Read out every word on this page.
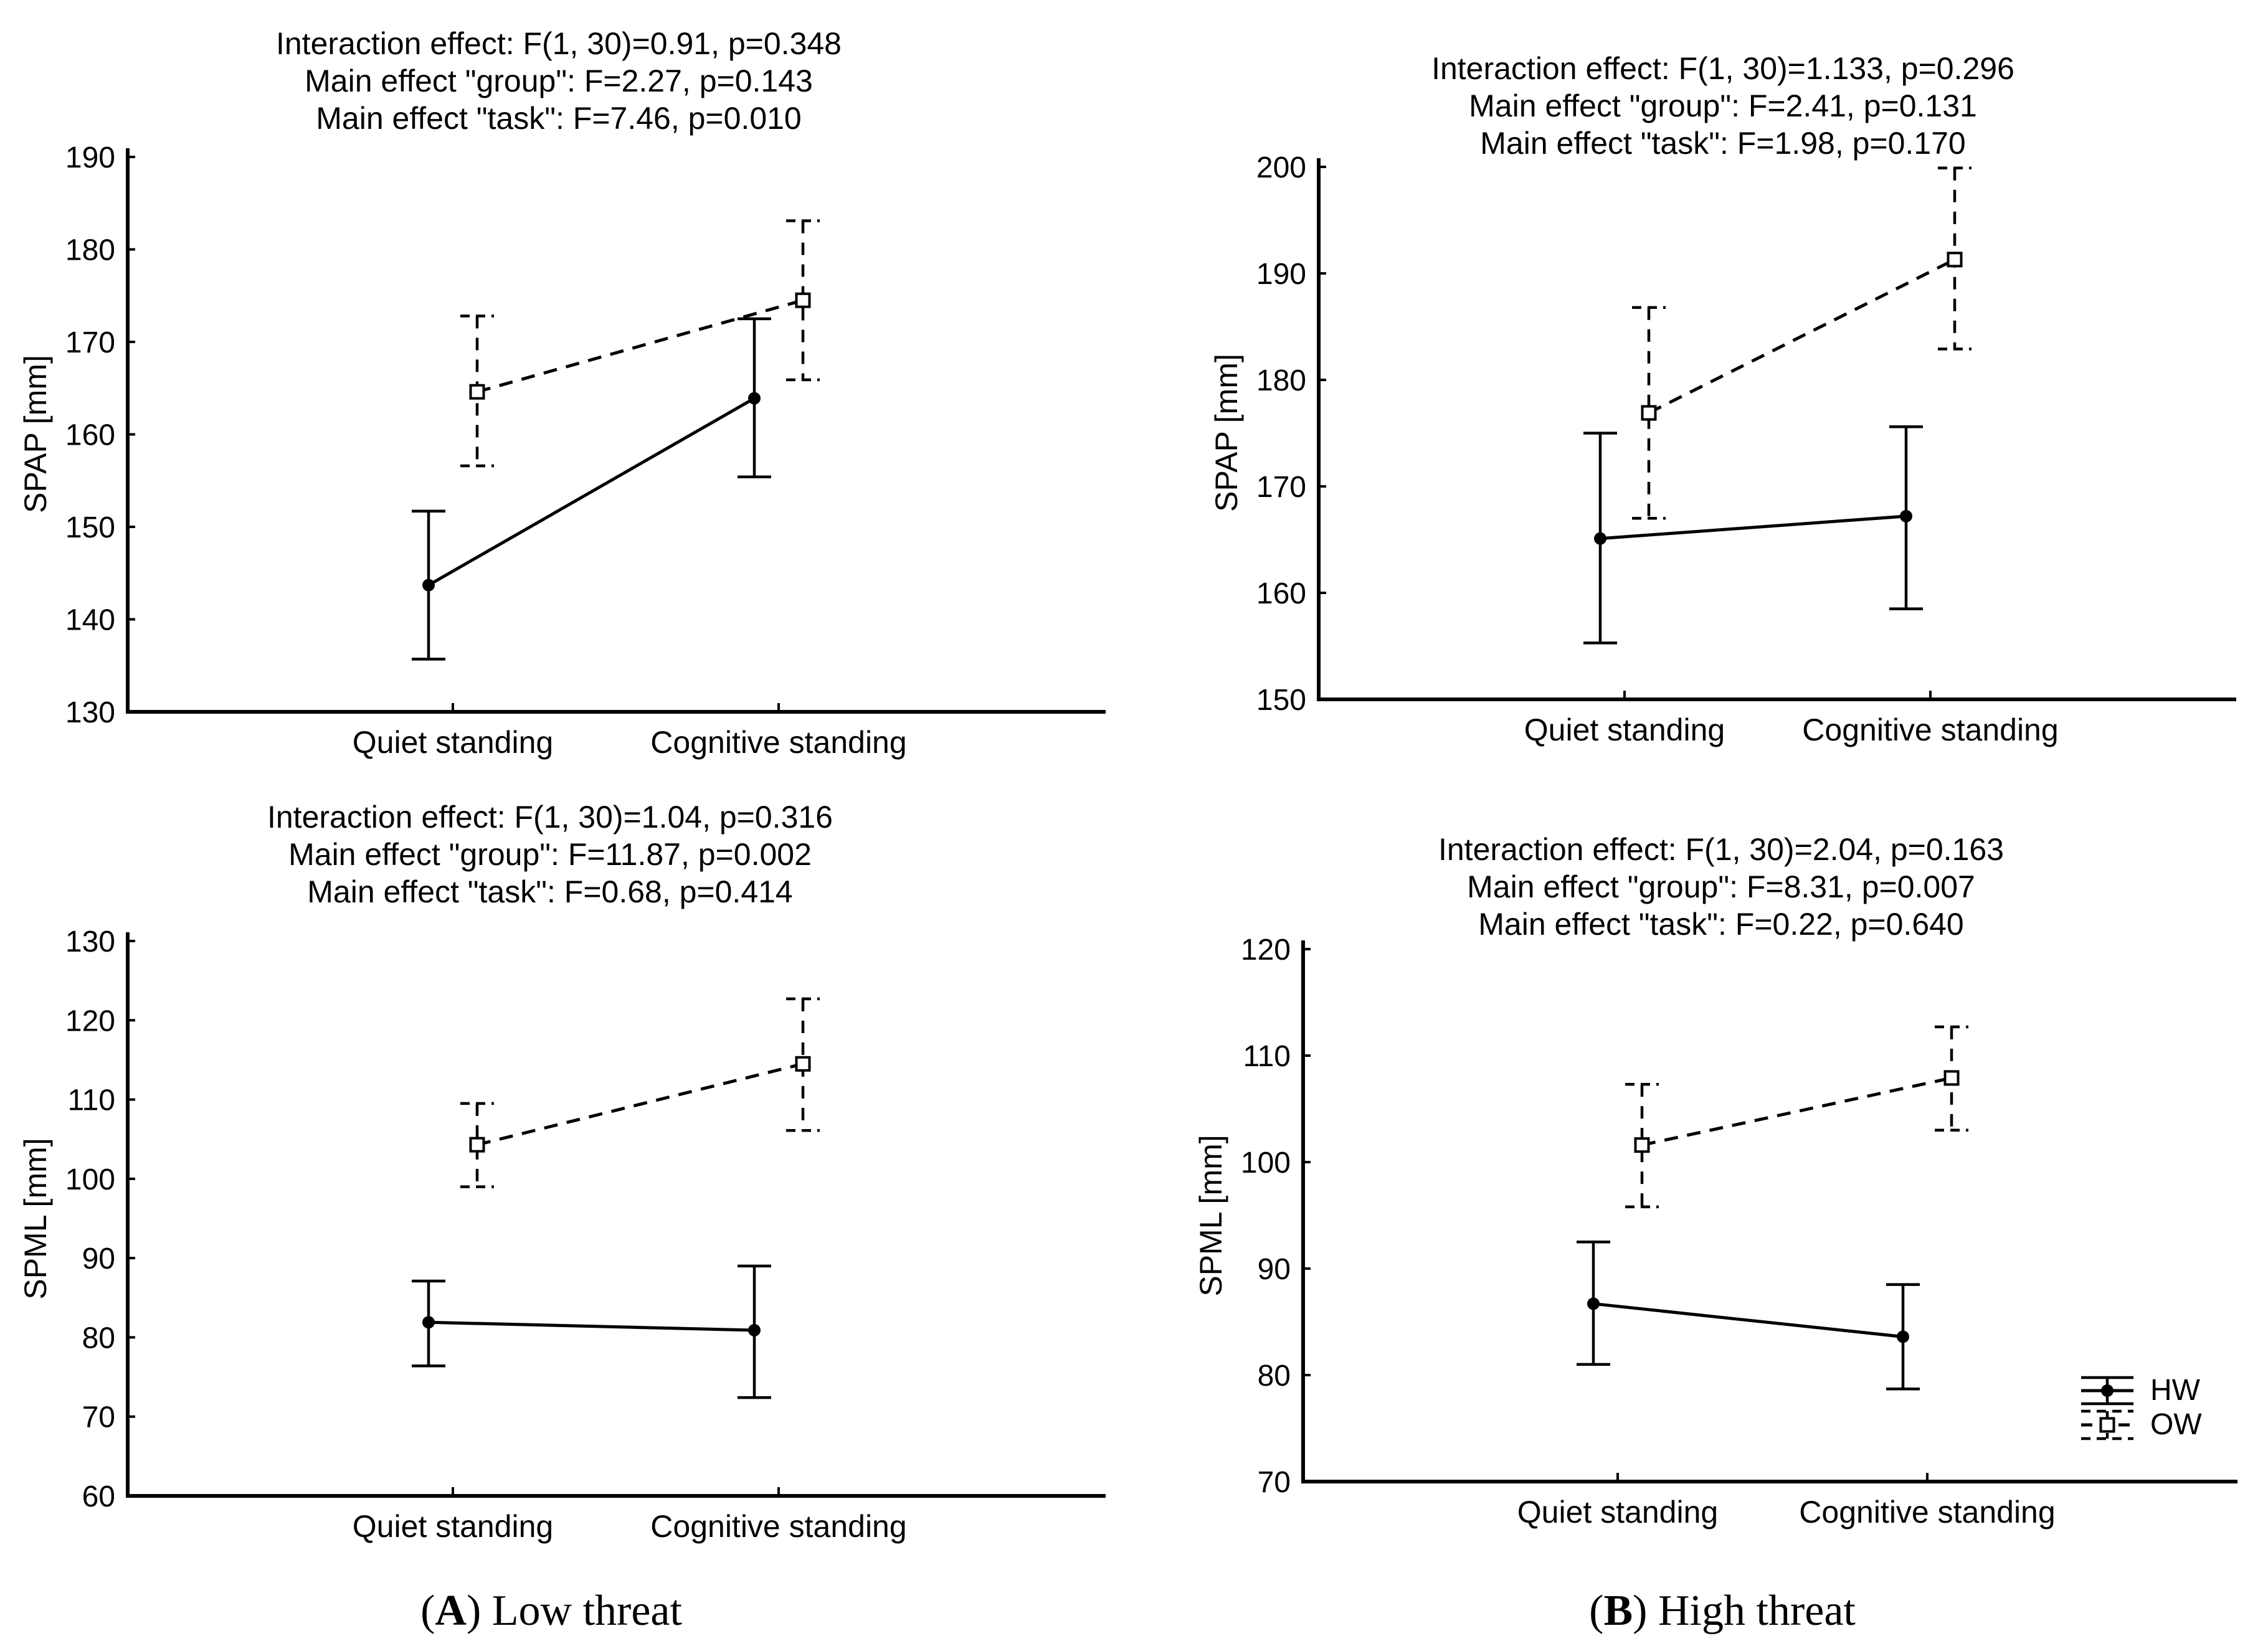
130
140
150
160
170
180
190
Quiet standing	Cognitive standing
150
160
170
180
190
200
Quiet standing Cognitive standing
60
70
80
90
100
110
120
130
Quiet standing	Cognitive standing
70
80
90
100
110
120
Quiet standing	Cognitive standing
Interaction effect: F(1, 30)=0.91, p=0.348
Main effect "group": F=2.27, p=0.143
Main effect "task": F=7.46, p=0.010
Interaction effect: F(1, 30)=1.133, p=0.296
Main effect "group": F=2.41, p=0.131
Main effect "task": F=1.98, p=0.170
Interaction effect: F(1, 30)=1.04, p=0.316
Main effect "group": F=11.87, p=0.002
Main effect "task": F=0.68, p=0.414
Interaction effect: F(1, 30)=2.04, p=0.163
Main effect "group": F=8.31, p=0.007
Main effect "task": F=0.22, p=0.640
SPAP [mm]	SPAP [mm]
SPML [mm]	SPML [mm]
HW
OW
(A) Low threat	(B) High threat
